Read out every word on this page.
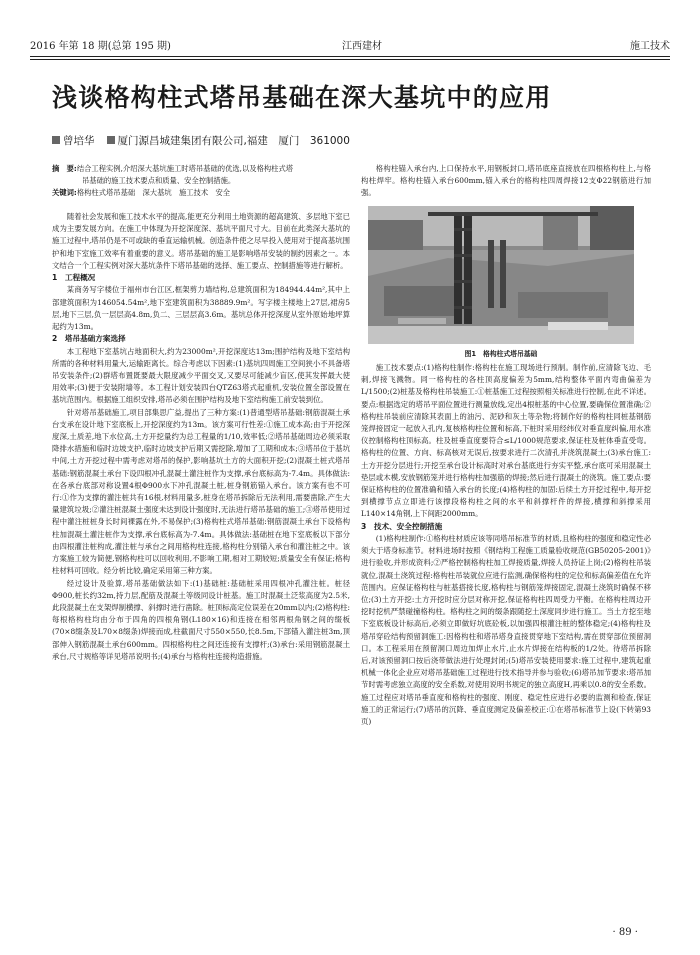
2016 年第 18 期(总第 195 期)	江西建材	施工技术
浅谈格构柱式塔吊基础在深大基坑中的应用
曾培华 厦门源昌城建集团有限公司,福建　厦门　361000
摘　要:结合工程实例,介绍深大基坑施工时塔吊基础的优选,以及格构柱式塔
吊基础的施工技术要点和质量、安全控制措施。
关键词:格构柱式塔吊基础　深大基坑　施工技术　安全

随着社会发展和施工技术水平的提高,能更充分利用土地资源的超高建筑、多层地下室已成为主要发展方向。在施工中体现为开挖深度深、基坑平面尺寸大。目前在此类深大基坑的施工过程中,塔吊仍是不可或缺的垂直运输机械。创造条件使之尽早投入使用对于提高基坑围护和地下室施工效率有着重要的意义。塔吊基础的施工是影响塔吊安装的制约因素之一。本文结合一个工程实例对深大基坑条件下塔吊基础的选择、施工要点、控制措施等进行解析。

1　工程概况

某商务写字楼位于福州市台江区,框架剪力墙结构,总建筑面积为184944.44m²,其中上部建筑面积为146054.54m²,地下室建筑面积为38889.9m²。写字楼主楼地上27层,裙房5层,地下三层,负一层层高4.8m,负二、三层层高3.6m。基坑总体开挖深度从室外原始地坪算起约为13m。

2　塔吊基础方案选择

本工程地下室基坑占地面积大,约为23000m²,开挖深度达13m;围护结构及地下室结构所需的各种材料用量大,运输距离长。综合考虑以下因素:(1)基坑四周施工空间狭小不具备塔吊安装条件;(2)群塔布置既要最大限度减少平面交叉,又要尽可能减少盲区,使其发挥最大使用效率;(3)便于安装附墙等。本工程计划安装四台QTZ63塔式起重机,安装位置全部设置在基坑范围内。根据施工组织安排,塔吊必须在围护结构及地下室结构施工前安装到位。

针对塔吊基础施工,项目部集思广益,提出了三种方案:(1)普通型塔吊基础:钢筋混凝土承台支承在设计地下室底板上,开挖深度约为13m。该方案可行性差:①施工成本高;由于开挖深度深,土质差,地下水位高,土方开挖量约为总工程量的1/10,效率低;②塔吊基础周边必须采取降排水措施和临时边坡支护,临时边坡支护后期又需挖除,增加了工期和成本;③塔吊位于基坑中间,土方开挖过程中需考虑对塔吊的保护,影响基坑土方的大面积开挖;(2)混凝土桩式塔吊基础:钢筋混凝土承台下设四根冲孔混凝土灌注桩作为支撑,承台底标高为-7.4m。具体做法:在各承台底部对称设置4根Φ900水下冲孔混凝土桩,桩身钢筋锚入承台。该方案有也不可行:①作为支撑的灌注桩共有16根,材料用量多,桩身在塔吊拆除后无法利用,需要凿除,产生大量建筑垃圾;②灌注桩混凝土强度未达到设计强度时,无法进行塔吊基础的施工;③塔吊使用过程中灌注桩桩身长时间裸露在外,不易保护;(3)格构柱式塔吊基础:钢筋混凝土承台下设格构柱加混凝土灌注桩作为支撑,承台底标高为-7.4m。具体做法:基础桩在地下室底板以下部分由四根灌注桩构成,灌注桩与承台之间用格构柱连接,格构柱分别锚入承台和灌注桩之中。该方案施工较为简便,钢格构柱可以回收利用,不影响工期,相对工期较短;质量安全有保证;格构柱材料可回收。经分析比较,确定采用第三种方案。

经过设计及验算,塔吊基础做法如下:(1)基础桩:基础桩采用四根冲孔灌注桩。桩径Φ900,桩长约32m,持力层,配筋及混凝土等级同设计桩基。施工时混凝土泛浆高度为2.5米,此段混凝土在支架焊制横撑、斜撑时进行凿除。桩顶标高定位误差在20mm以内;(2)格构柱:每根格构柱均由分布于四角的四根角钢(L180×16)和连接在相邻两根角钢之间的缀板(70×8缀条及L70×8缀条)焊接而成,柱截面尺寸550×550,长8.5m,下部锚入灌注桩3m,顶部伸入钢筋混凝土承台600mm。四根格构柱之间还连接有支撑杆;(3)承台:采用钢筋混凝土承台,尺寸规格等详见塔吊说明书;(4)承台与格构柱连接构造措施。

格构柱锚入承台内,上口保持水平,用钢板封口,塔吊底座直接放在四根格构柱上,与格构柱焊牢。格构柱锚入承台600mm,锚入承台的格构柱四周焊接12支Φ22钢筋进行加强。

图1　格构柱式塔吊基础

施工技术要点:(1)格构柱制作:格构柱在施工现场进行预制。制作前,应清除飞边、毛刺,焊接飞溅物。同一格构柱的各柱顶高度偏差为5mm,结构整体平面内弯曲偏差为L/1500;(2)桩基及格构柱吊装施工:①桩基施工过程按照相关标准进行控制,在此不详述。要点:根据选定的塔吊平面位置进行测量放线,定出4根桩基的中心位置,要确保位置准确;②格构柱吊装前应清除其表面上的油污、泥砂和灰土等杂物;将制作好的格构柱同桩基钢筋笼焊接固定一起放入孔内,复核格构柱位置和标高,下桩时采用经纬仪对垂直度纠偏,用水准仪控制格构柱顶标高。柱及桩垂直度要符合≤L/1000规范要求,保证柱及桩体垂直受弯。格构柱的位置、方向、标高核对无误后,按要求进行二次清孔并浇筑混凝土;(3)承台施工:土方开挖分层进行;开挖至承台设计标高时对承台基底进行夯实平整,承台底可采用混凝土垫层或木模,安放钢筋笼并进行格构柱加强筋的焊接;然后进行混凝土的浇筑。施工要点:要保证格构柱的位置准确和锚入承台的长度;(4)格构柱的加固:后续土方开挖过程中,每开挖到横撑节点立即进行该撑段格构柱之间的水平和斜撑杆件的焊接,横撑和斜撑采用L140×14角钢,上下间距2000mm。

3　技术、安全控制措施

(1)格构柱制作:①格构柱材质应该等同塔吊标准节的材质,且格构柱的强度和稳定性必须大于塔身标准节。材料进场时按照《钢结构工程施工质量验收规范(GB50205-2001)》进行验收,并形成资料;②严格控制格构柱加工焊接质量,焊接人员持证上岗;(2)格构柱吊装就位,混凝土浇筑过程:格构柱吊装就位应进行监测,确保格构柱的定位和标高偏差值在允许范围内。应保证格构柱与桩基搭接长度,格构柱与钢筋笼焊接固定,混凝土浇筑时确保不移位;(3)土方开挖:土方开挖时应分层对称开挖,保证格构柱四周受力平衡。在格构柱周边开挖时挖机严禁碰撞格构柱。格构柱之间的缀条跟随挖土深度同步进行施工。当土方挖至地下室底板设计标高后,必须立即做好坑底砼板,以加强四根灌注桩的整体稳定;(4)格构柱及塔吊穿砼结构预留洞施工:因格构柱和塔吊塔身直接贯穿地下室结构,需在贯穿部位预留洞口。本工程采用在预留洞口周边加焊止水片,止水片焊接在结构板的1/2处。待塔吊拆除后,对该预留洞口按后浇带做法进行处理封闭;(5)塔吊安装使用要求:施工过程中,建筑起重机械一体化企业应对塔吊基础施工过程进行技术指导并参与验收;(6)塔吊加节要求:塔吊加节时需考虑独立高度的安全系数,对使用说明书规定的独立高度H,再乘以0.8的安全系数。施工过程应对塔吊垂直度和格构柱的强度、刚度、稳定性应进行必要的监测和检查,保证施工的正常运行;(7)塔吊的沉降、垂直度测定及偏差校正:①在塔吊标准节上设(下转第93页)

· 89 ·
